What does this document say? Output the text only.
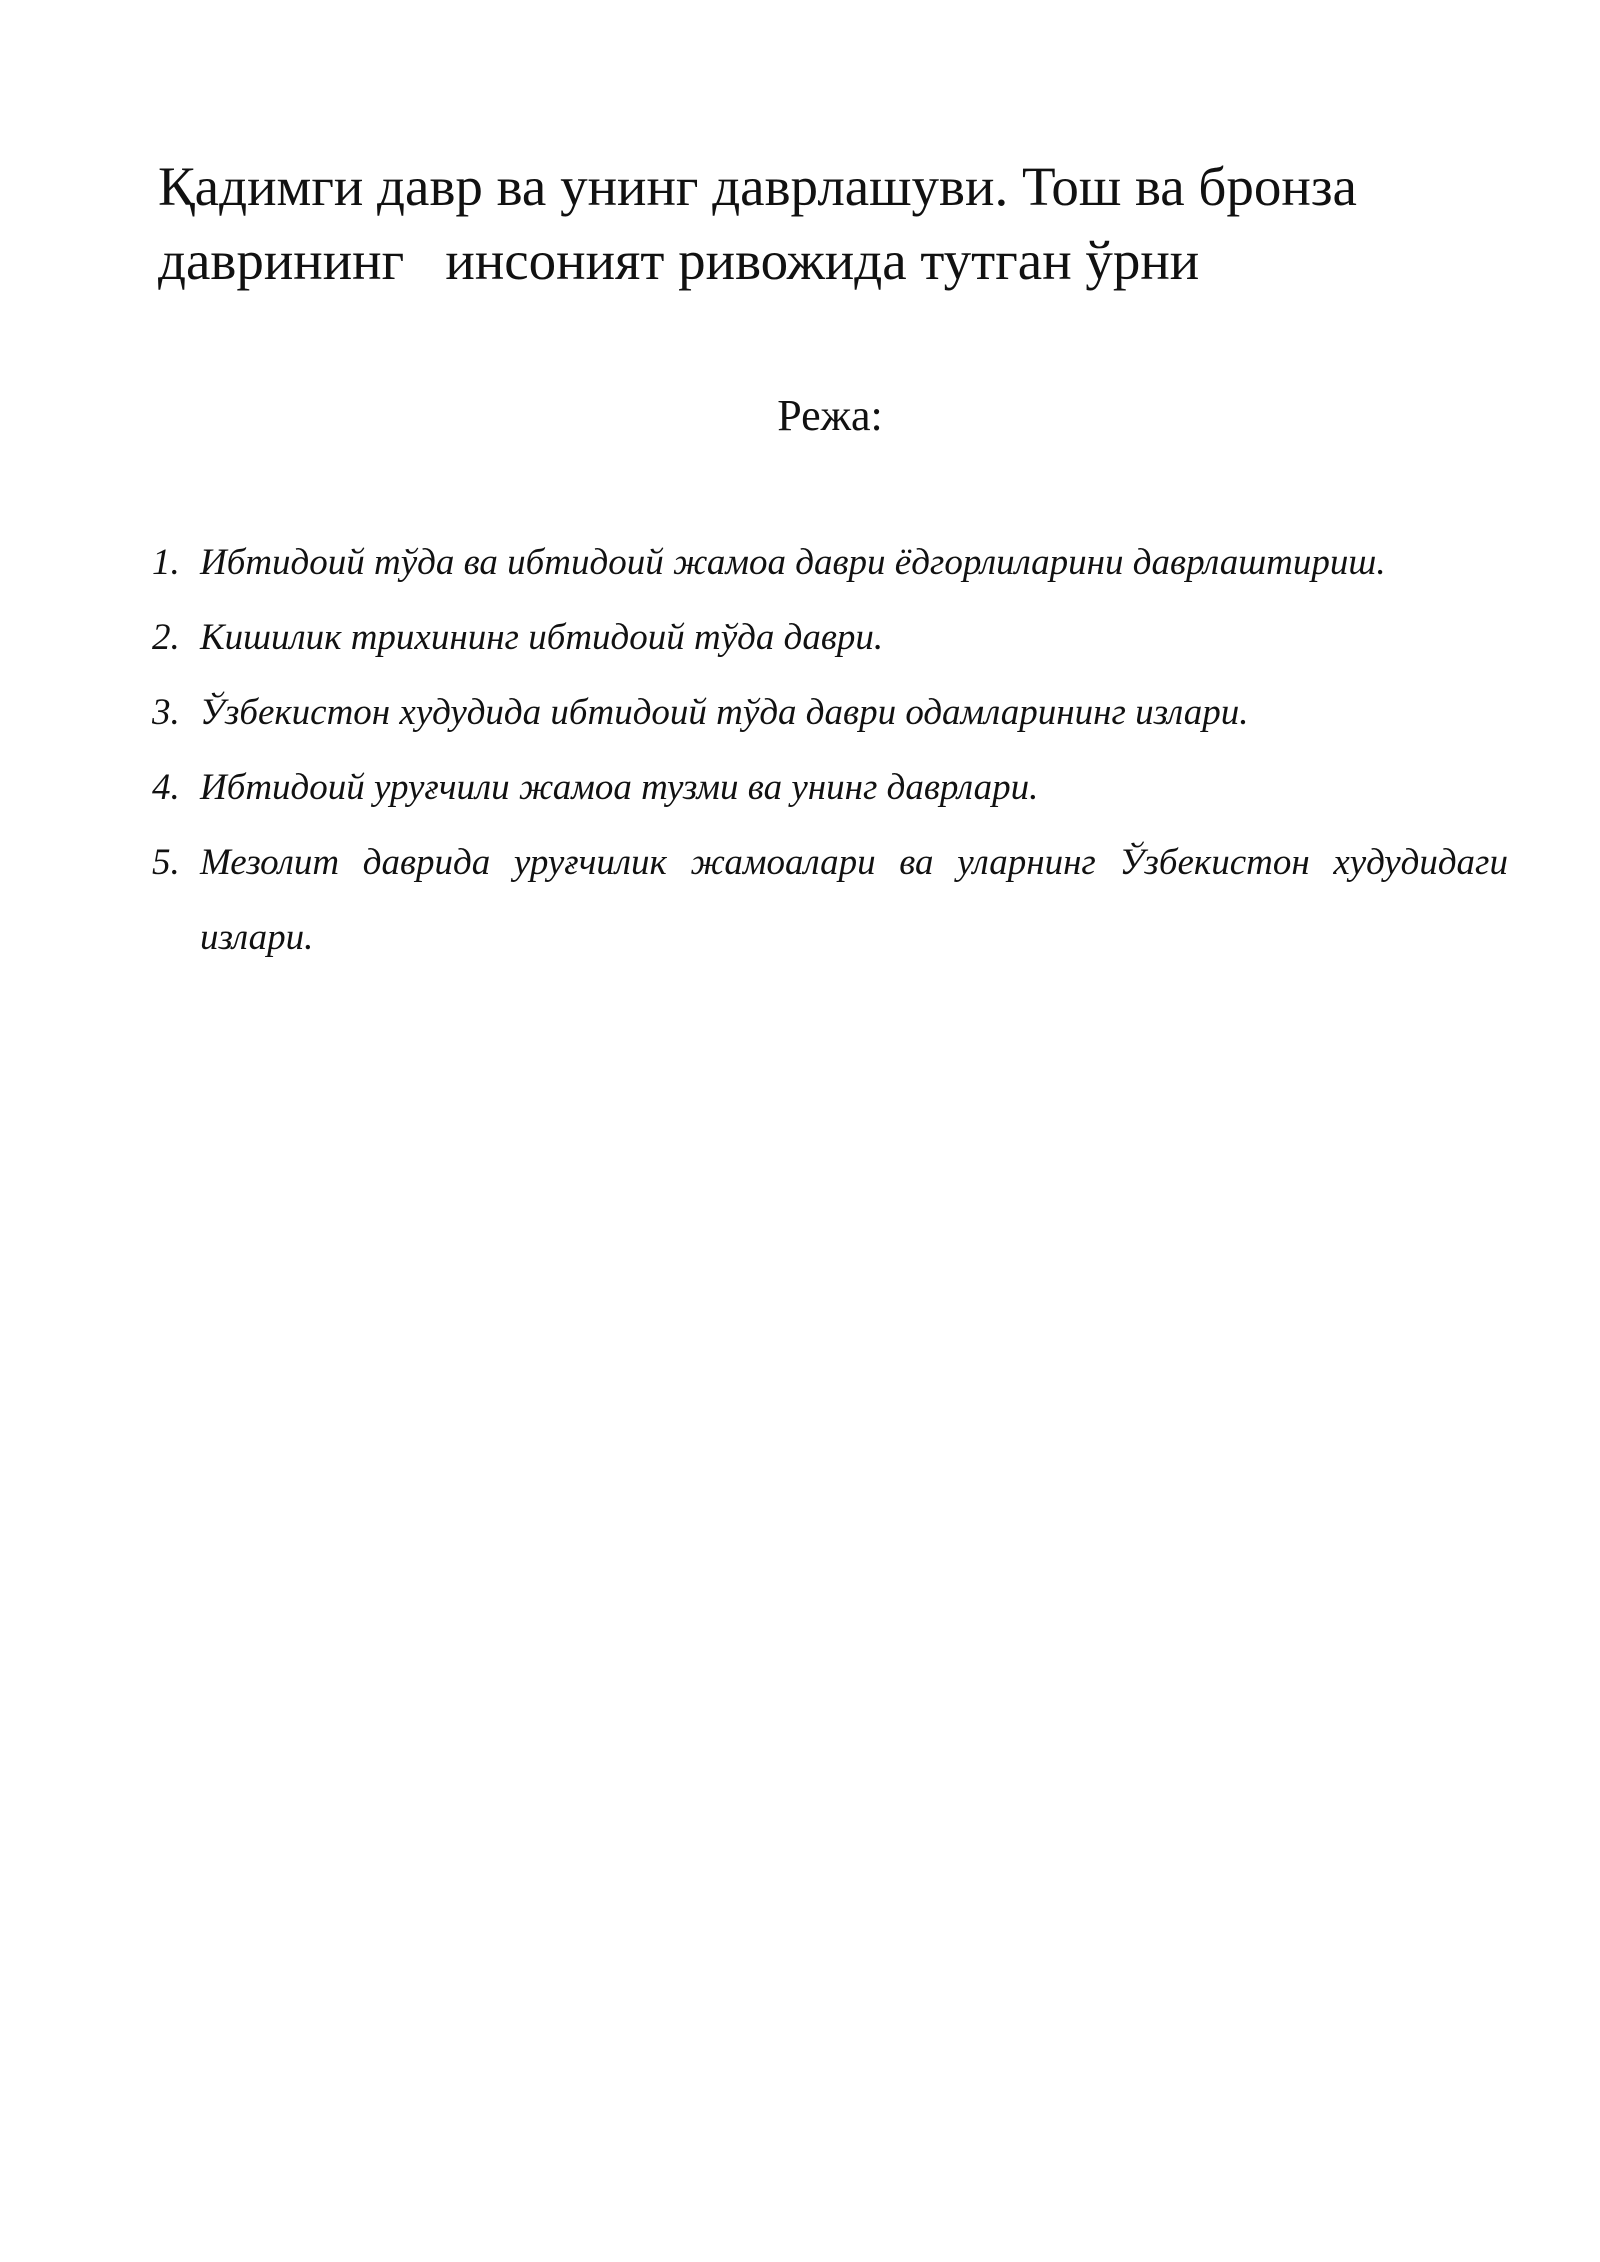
Қадимги давр ва унинг даврлашуви. Тош ва бронза
даврининг   инсоният ривожида тутган ўрни
Режа:
1. Ибтидоий тўда ва ибтидоий жамоа даври ёдгорлиларини даврлаштириш.
2. Кишилик трихининг ибтидоий тўда даври.
3. Ўзбекистон худудида ибтидоий тўда даври одамларининг излари.
4. Ибтидоий уруғчили жамоа тузми ва унинг даврлари.
5. Мезолит даврида уруғчилик жамоалари ва уларнинг Ўзбекистон худудидаги излари.
